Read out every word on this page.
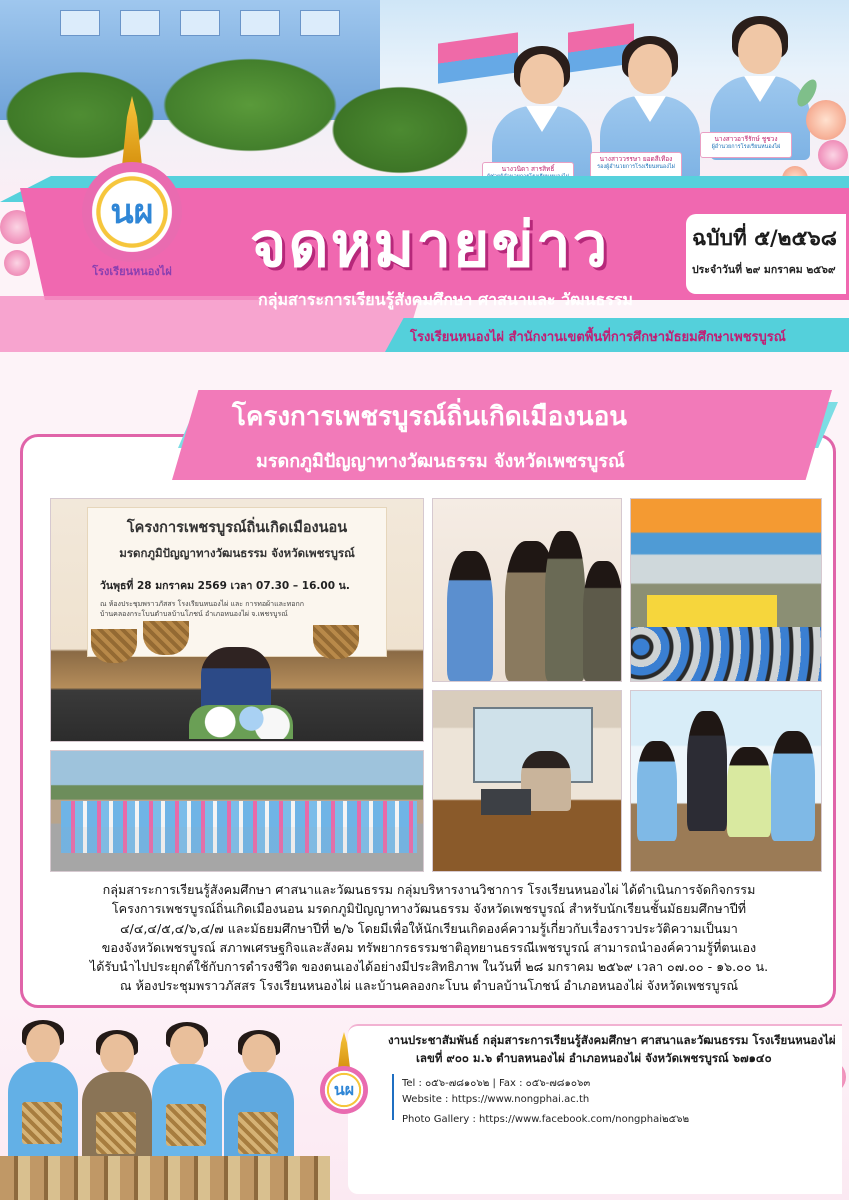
นางวนิดา สารสิทธิ์
นางสาววรรษา ยอดสีเทือง
รองผู้อำนวยการโรงเรียนหนองไผ่
นางสาวอารีรักษ์ ชูชวง
ผู้อำนวยการโรงเรียนหนองไผ่
นผ
โรงเรียนหนองไผ่ จดหมายข่าว	ฉบับที่ ๕/๒๕๖๘
ประจำวันที่ ๒๙ มกราคม ๒๕๖๙
กลุ่มสาระการเรียนรู้สังคมศึกษา ศาสนาและ วัฒนธรรม
โรงเรียนหนองไผ่ สำนักงานเขตพื้นที่การศึกษามัธยมศึกษาเพชรบูรณ์
โครงการเพชรบูรณ์ถิ่นเกิดเมืองนอน
มรดกภูมิปัญญาทางวัฒนธรรม จังหวัดเพชรบูรณ์
โครงการเพชรบูรณ์ถิ่นเกิดเมืองนอน
มรดกภูมิปัญญาทางวัฒนธรรม จังหวัดเพชรบูรณ์
วันพุธที่ 28 มกราคม 2569 เวลา 07.30 – 16.00 น.
ณ ห้องประชุมพราวภัสสร โรงเรียนหนองไผ่ และ การทอผ้าและทอกก
บ้านคลองกระโบนตำบลบ้านโภชน์ อำเภอหนองไผ่ จ.เพชรบูรณ์

กลุ่มสาระการเรียนรู้สังคมศึกษา ศาสนาและวัฒนธรรม กลุ่มบริหารงานวิชาการ โรงเรียนหนองไผ่ ได้ดำเนินการจัดกิจกรรม

โครงการเพชรบูรณ์ถิ่นเกิดเมืองนอน มรดกภูมิปัญญาทางวัฒนธรรม จังหวัดเพชรบูรณ์ สำหรับนักเรียนชั้นมัธยมศึกษาปีที่

๔/๔,๔/๕,๔/๖,๔/๗ และมัธยมศึกษาปีที่ ๒/๖ โดยมีเพื่อให้นักเรียนเกิดองค์ความรู้เกี่ยวกับเรื่องราวประวัติความเป็นมา

ของจังหวัดเพชรบูรณ์ สภาพเศรษฐกิจและสังคม ทรัพยากรธรรมชาติอุทยานธรรณีเพชรบูรณ์ สามารถนำองค์ความรู้ที่ตนเอง

ได้รับนำไปประยุกต์ใช้กับการดำรงชีวิต ของตนเองได้อย่างมีประสิทธิภาพ ในวันที่ ๒๘ มกราคม ๒๕๖๙ เวลา ๐๗.๐๐ - ๑๖.๐๐ น.

ณ ห้องประชุมพราวภัสสร โรงเรียนหนองไผ่ และบ้านคลองกะโบน ตำบลบ้านโภชน์ อำเภอหนองไผ่ จังหวัดเพชรบูรณ์

นผ
งานประชาสัมพันธ์ กลุ่มสาระการเรียนรู้สังคมศึกษา ศาสนาและวัฒนธรรม โรงเรียนหนองไผ่
เลขที่ ๙๐๐ ม.๖ ตำบลหนองไผ่ อำเภอหนองไผ่ จังหวัดเพชรบูรณ์ ๖๗๑๔๐
Tel : ๐๕๖-๗๘๑๐๖๒ | Fax : ๐๕๖-๗๘๑๐๖๓
Website : https://www.nongphai.ac.th
Photo Gallery : https://www.facebook.com/nongphai๒๕๖๒
